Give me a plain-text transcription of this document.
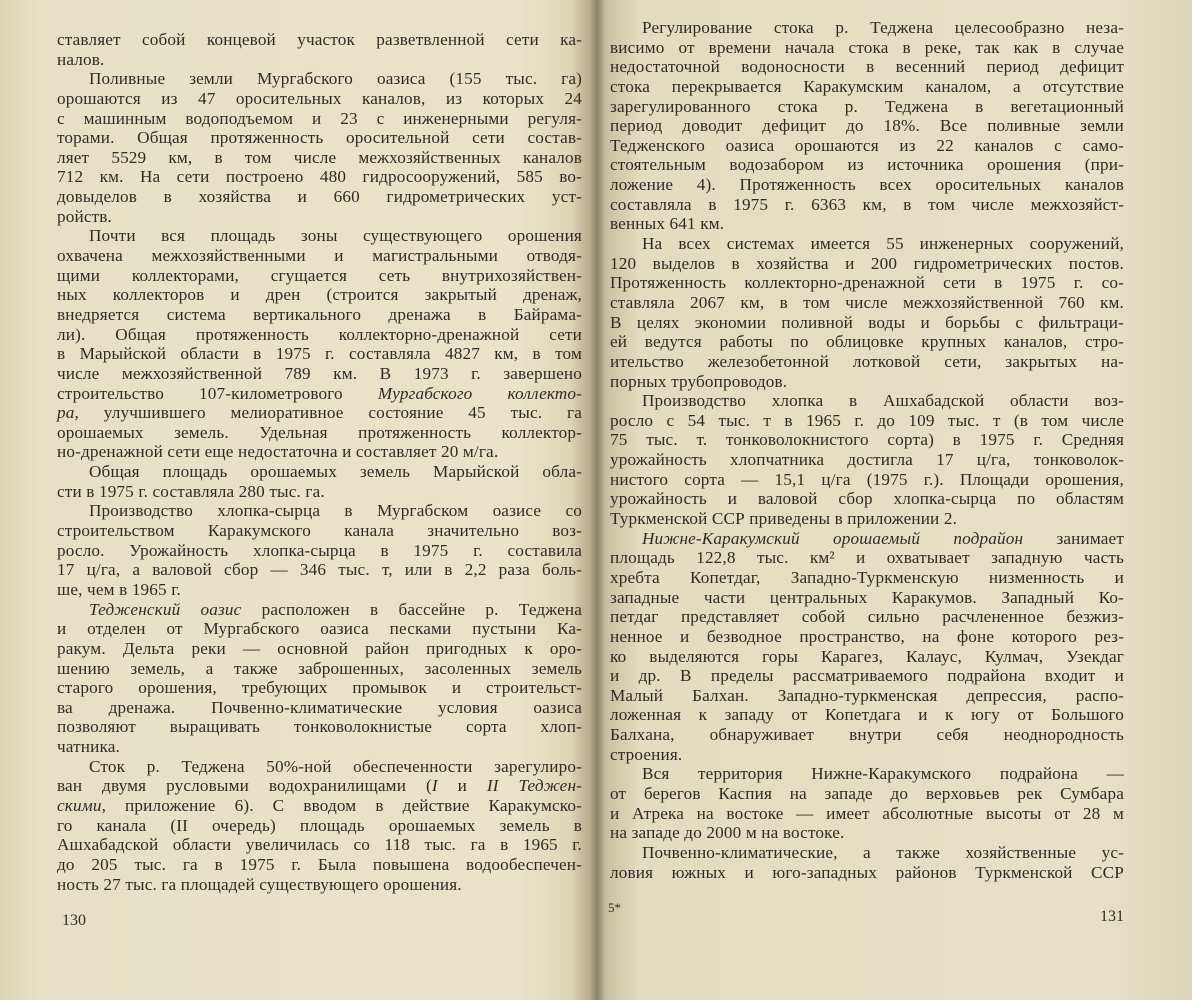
ставляет собой концевой участок разветвленной сети ка-
налов.
Поливные земли Мургабского оазиса (155 тыс. га)
орошаются из 47 оросительных каналов, из которых 24
с машинным водоподъемом и 23 с инженерными регуля-
торами. Общая протяженность оросительной сети состав-
ляет 5529 км, в том числе межхозяйственных каналов
712 км. На сети построено 480 гидросооружений, 585 во-
довыделов в хозяйства и 660 гидрометрических уст-
ройств.
Почти вся площадь зоны существующего орошения
охвачена межхозяйственными и магистральными отводя-
щими коллекторами, сгущается сеть внутрихозяйствен-
ных коллекторов и дрен (строится закрытый дренаж,
внедряется система вертикального дренажа в Байрама-
ли). Общая протяженность коллекторно-дренажной сети
в Марыйской области в 1975 г. составляла 4827 км, в том
числе межхозяйственной 789 км. В 1973 г. завершено
строительство 107-километрового Мургабского коллекто-
ра, улучшившего мелиоративное состояние 45 тыс. га
орошаемых земель. Удельная протяженность коллектор-
но-дренажной сети еще недостаточна и составляет 20 м/га.
Общая площадь орошаемых земель Марыйской обла-
сти в 1975 г. составляла 280 тыс. га.
Производство хлопка-сырца в Мургабском оазисе со
строительством Каракумского канала значительно воз-
росло. Урожайность хлопка-сырца в 1975 г. составила
17 ц/га, а валовой сбор — 346 тыс. т, или в 2,2 раза боль-
ше, чем в 1965 г.
Теджeнский оазис расположен в бассейне р. Теджена
и отделен от Мургабского оазиса песками пустыни Ка-
ракум. Дельта реки — основной район пригодных к оро-
шению земель, а также заброшенных, засоленных земель
старого орошения, требующих промывок и строительст-
ва дренажа. Почвенно-климатические условия оазиса
позволяют выращивать тонковолокнистые сорта хлоп-
чатника.
Сток р. Теджена 50%-ной обеспеченности зарегулиро-
ван двумя русловыми водохранилищами (I и II Теджен-
скими, приложение 6). С вводом в действие Каракумско-
го канала (II очередь) площадь орошаемых земель в
Ашхабадской области увеличилась со 118 тыс. га в 1965 г.
до 205 тыс. га в 1975 г. Была повышена водообеспечен-
ность 27 тыс. га площадей существующего орошения.
130
Регулирование стока р. Теджена целесообразно неза-
висимо от времени начала стока в реке, так как в случае
недостаточной водоносности в весенний период дефицит
стока перекрывается Каракумским каналом, а отсутствие
зарегулированного стока р. Теджена в вегетационный
период доводит дефицит до 18%. Все поливные земли
Тедженского оазиса орошаются из 22 каналов с само-
стоятельным водозабором из источника орошения (при-
ложение 4). Протяженность всех оросительных каналов
составляла в 1975 г. 6363 км, в том числе межхозяйст-
венных 641 км.
На всех системах имеется 55 инженерных сооружений,
120 выделов в хозяйства и 200 гидрометрических постов.
Протяженность коллекторно-дренажной сети в 1975 г. со-
ставляла 2067 км, в том числе межхозяйственной 760 км.
В целях экономии поливной воды и борьбы с фильтраци-
ей ведутся работы по облицовке крупных каналов, стро-
ительство железобетонной лотковой сети, закрытых на-
порных трубопроводов.
Производство хлопка в Ашхабадской области воз-
росло с 54 тыс. т в 1965 г. до 109 тыс. т (в том числе
75 тыс. т. тонковолокнистого сорта) в 1975 г. Средняя
урожайность хлопчатника достигла 17 ц/га, тонковолок-
нистого сорта — 15,1 ц/га (1975 г.). Площади орошения,
урожайность и валовой сбор хлопка-сырца по областям
Туркменской ССР приведены в приложении 2.
Нижне-Каракумский орошаемый подрайон занимает
площадь 122,8 тыс. км² и охватывает западную часть
хребта Копетдаг, Западно-Туркменскую низменность и
западные части центральных Каракумов. Западный Ко-
петдаг представляет собой сильно расчлененное безжиз-
ненное и безводное пространство, на фоне которого рез-
ко выделяются горы Карагез, Калаус, Кулмач, Узекдаг
и др. В пределы рассматриваемого подрайона входит и
Малый Балхан. Западно-туркменская депрессия, распо-
ложенная к западу от Копетдага и к югу от Большого
Балхана, обнаруживает внутри себя неоднородность
строения.
Вся территория Нижне-Каракумского подрайона —
от берегов Каспия на западе до верховьев рек Сумбара
и Атрека на востоке — имеет абсолютные высоты от 28 м
на западе до 2000 м на востоке.
Почвенно-климатические, а также хозяйственные ус-
ловия южных и юго-западных районов Туркменской ССР
5*
131
